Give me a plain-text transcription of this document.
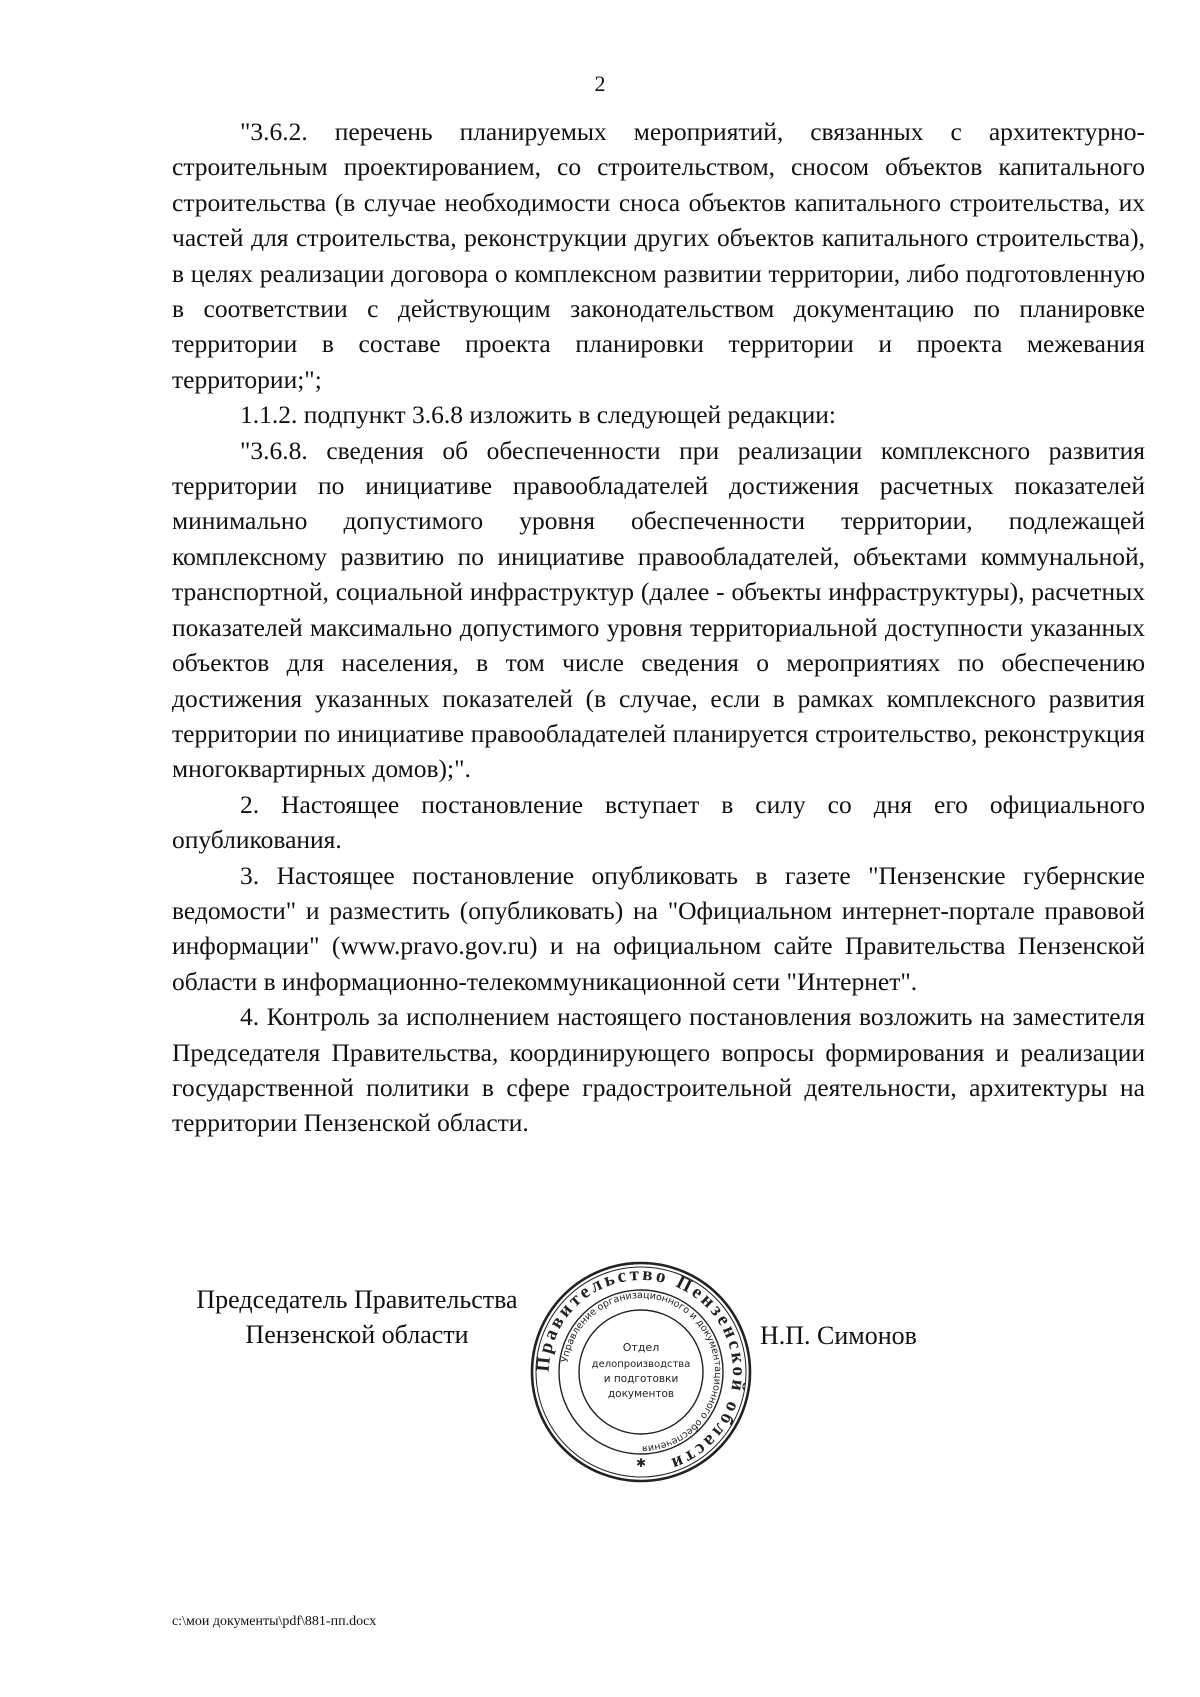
2

"3.6.2. перечень планируемых мероприятий, связанных с архитектурно-строительным проектированием, со строительством, сносом объектов капитального строительства (в случае необходимости сноса объектов капитального строительства, их частей для строительства, реконструкции других объектов капитального строительства), в целях реализации договора о комплексном развитии территории, либо подготовленную в соответствии с действующим законодательством документацию по планировке территории в составе проекта планировки территории и проекта межевания территории;";

1.1.2. подпункт 3.6.8 изложить в следующей редакции:

"3.6.8. сведения об обеспеченности при реализации комплексного развития территории по инициативе правообладателей достижения расчетных показателей минимально допустимого уровня обеспеченности территории, подлежащей комплексному развитию по инициативе правообладателей, объектами коммунальной, транспортной, социальной инфраструктур (далее - объекты инфраструктуры), расчетных показателей максимально допустимого уровня территориальной доступности указанных объектов для населения, в том числе сведения о мероприятиях по обеспечению достижения указанных показателей (в случае, если в рамках комплексного развития территории по инициативе правообладателей планируется строительство, реконструкция многоквартирных домов);".

2. Настоящее постановление вступает в силу со дня его официального опубликования.

3. Настоящее постановление опубликовать в газете "Пензенские губернские ведомости" и разместить (опубликовать) на "Официальном интернет-портале правовой информации" (www.pravo.gov.ru) и на официальном сайте Правительства Пензенской области в информационно-телекоммуникационной сети "Интернет".

4. Контроль за исполнением настоящего постановления возложить на заместителя Председателя Правительства, координирующего вопросы формирования и реализации государственной политики в сфере градостроительной деятельности, архитектуры на территории Пензенской области.

Председатель Правительства
Пензенской области
Правительство Пензенской области
Управление организационного и документационного обеспечения
Отдел
делопроизводства
и подготовки
документов
✱
Н.П. Симонов
c:\мои документы\pdf\881-пп.docx
